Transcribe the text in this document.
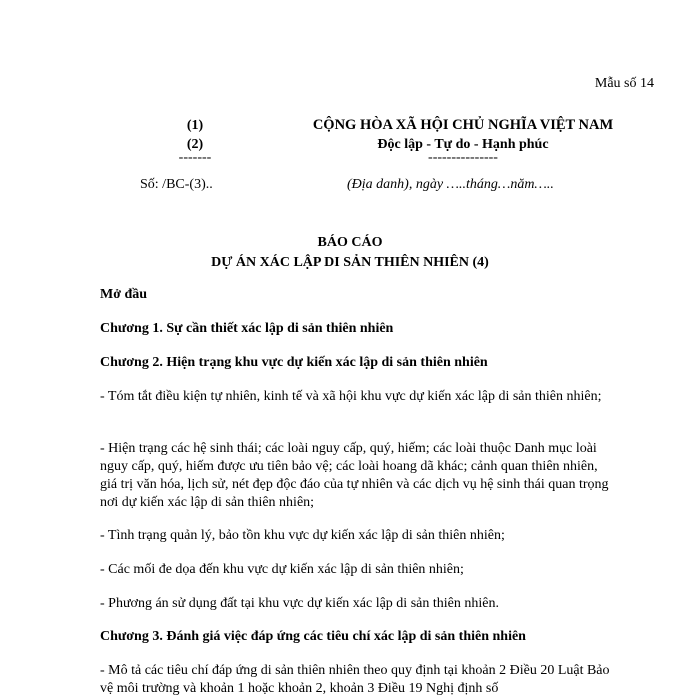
Mẫu số 14
(1)
(2)
-------
CỘNG HÒA XÃ HỘI CHỦ NGHĨA VIỆT NAM
Độc lập - Tự do - Hạnh phúc
---------------
Số: /BC-(3)..	(Địa danh), ngày …..tháng…năm…..
BÁO CÁO
DỰ ÁN XÁC LẬP DI SẢN THIÊN NHIÊN (4)
Mở đầu
Chương 1. Sự cần thiết xác lập di sản thiên nhiên
Chương 2. Hiện trạng khu vực dự kiến xác lập di sản thiên nhiên
- Tóm tắt điều kiện tự nhiên, kinh tế và xã hội khu vực dự kiến xác lập di sản thiên nhiên;
- Hiện trạng các hệ sinh thái; các loài nguy cấp, quý, hiếm; các loài thuộc Danh mục loài nguy cấp, quý, hiếm được ưu tiên bảo vệ; các loài hoang dã khác; cảnh quan thiên nhiên, giá trị văn hóa, lịch sử, nét đẹp độc đáo của tự nhiên và các dịch vụ hệ sinh thái quan trọng nơi dự kiến xác lập di sản thiên nhiên;
- Tình trạng quản lý, bảo tồn khu vực dự kiến xác lập di sản thiên nhiên;
- Các mối đe dọa đến khu vực dự kiến xác lập di sản thiên nhiên;
- Phương án sử dụng đất tại khu vực dự kiến xác lập di sản thiên nhiên.
Chương 3. Đánh giá việc đáp ứng các tiêu chí xác lập di sản thiên nhiên
- Mô tả các tiêu chí đáp ứng di sản thiên nhiên theo quy định tại khoản 2 Điều 20 Luật Bảo vệ môi trường và khoản 1 hoặc khoản 2, khoản 3 Điều 19 Nghị định số
